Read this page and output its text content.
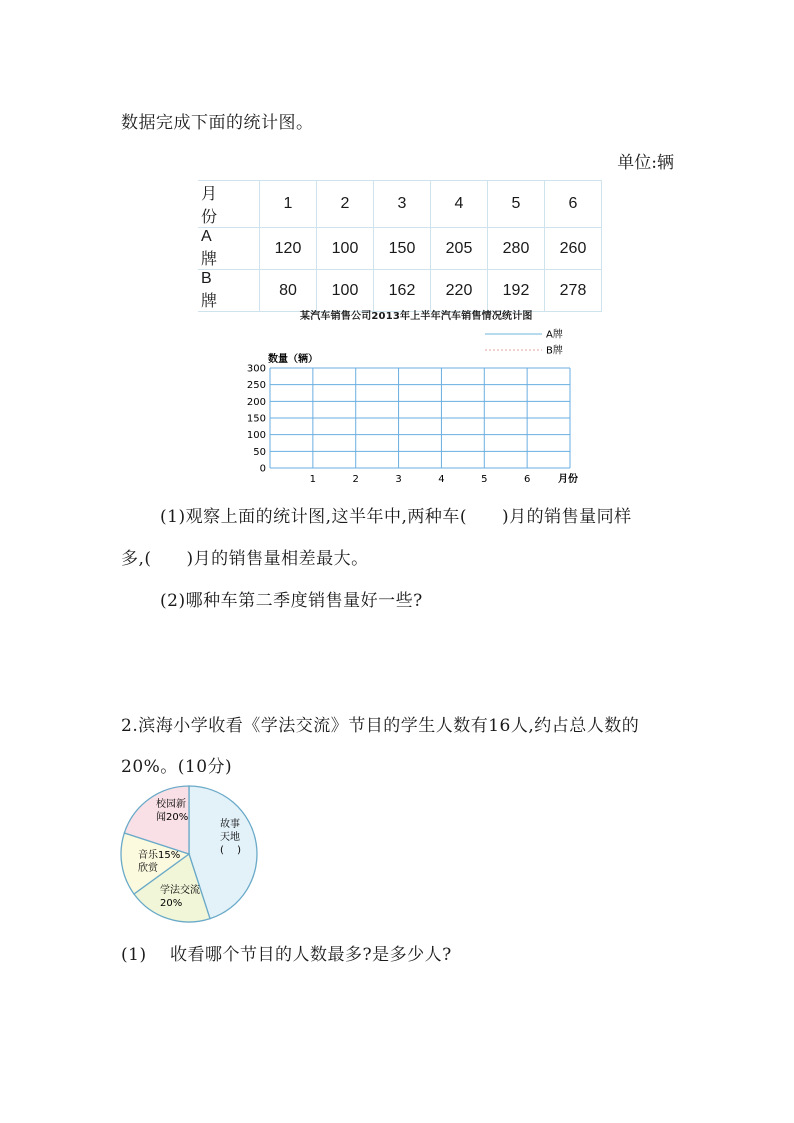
数据完成下面的统计图。
单位:辆
月 份	1	2	3	4	5	6
A 牌	120	100	150	205	280	260
B 牌	80	100	162	220	192	278
某汽车销售公司2013年上半年汽车销售情况统计图
A牌
B牌
数量（辆）
0
50
100
150
200
250
300
1	2	3	4	5	6	月份
(1)观察上面的统计图,这半年中,两种车(　　)月的销售量同样
多,(　　)月的销售量相差最大。
(2)哪种车第二季度销售量好一些?
2.滨海小学收看《学法交流》节目的学生人数有16人,约占总人数的
20%。(10分)
故事
天地
(　 )
学法交流
20%
音乐15%
欣赏
校园新
闻20%
(1)　 收看哪个节目的人数最多?是多少人?
